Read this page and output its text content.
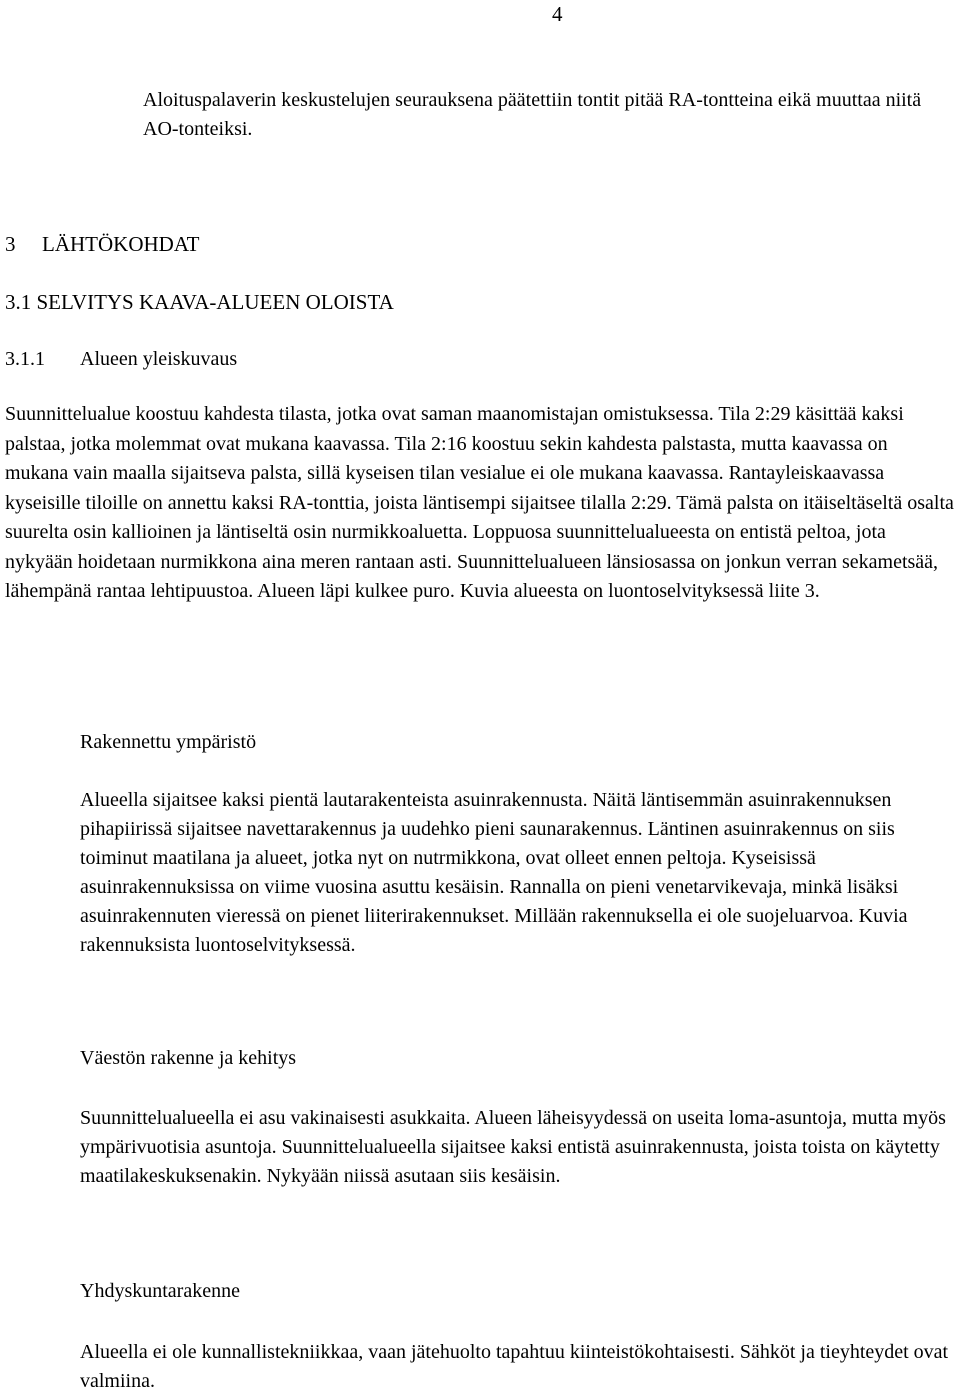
4

Aloituspalaverin keskustelujen seurauksena päätettiin tontit pitää RA-tontteina eikä muuttaa niitä AO-tonteiksi.

3 LÄHTÖKOHDAT
3.1 SELVITYS KAAVA-ALUEEN OLOISTA
3.1.1 Alueen yleiskuvaus

Suunnittelualue koostuu kahdesta tilasta, jotka ovat saman maanomistajan omistuksessa. Tila 2:29 käsittää kaksi palstaa, jotka molemmat ovat mukana kaavassa. Tila 2:16 koostuu sekin kahdesta palstasta, mutta kaavassa on mukana vain maalla sijaitseva palsta, sillä kyseisen tilan vesialue ei ole mukana kaavassa. Rantayleiskaavassa kyseisille tiloille on annettu kaksi RA-tonttia, joista läntisempi sijaitsee tilalla 2:29. Tämä palsta on itäiseltäseltä osalta suurelta osin kallioinen ja läntiseltä osin nurmikkoaluetta. Loppuosa suunnittelualueesta on entistä peltoa, jota nykyään hoidetaan nurmikkona aina meren rantaan asti. Suunnittelualueen länsiosassa on jonkun verran sekametsää, lähempänä rantaa lehtipuustoa. Alueen läpi kulkee puro. Kuvia alueesta on luontoselvityksessä liite 3.

Rakennettu ympäristö

Alueella sijaitsee kaksi pientä lautarakenteista asuinrakennusta. Näitä läntisemmän asuinrakennuksen pihapiirissä sijaitsee navettarakennus ja uudehko pieni saunarakennus. Läntinen asuinrakennus on siis toiminut maatilana ja alueet, jotka nyt on nutrmikkona, ovat olleet ennen peltoja. Kyseisissä asuinrakennuksissa on viime vuosina asuttu kesäisin. Rannalla on pieni venetarvikevaja, minkä lisäksi asuinrakennuten vieressä on pienet liiterirakennukset. Millään rakennuksella ei ole suojeluarvoa. Kuvia rakennuksista luontoselvityksessä.

Väestön rakenne ja kehitys

Suunnittelualueella ei asu vakinaisesti asukkaita. Alueen läheisyydessä on useita loma-asuntoja, mutta myös ympärivuotisia asuntoja. Suunnittelualueella sijaitsee kaksi entistä asuinrakennusta, joista toista on käytetty maatilakeskuksenakin. Nykyään niissä asutaan siis kesäisin.

Yhdyskuntarakenne

Alueella ei ole kunnallistekniikkaa, vaan jätehuolto tapahtuu kiinteistökohtaisesti. Sähköt ja tieyhteydet ovat valmiina.
